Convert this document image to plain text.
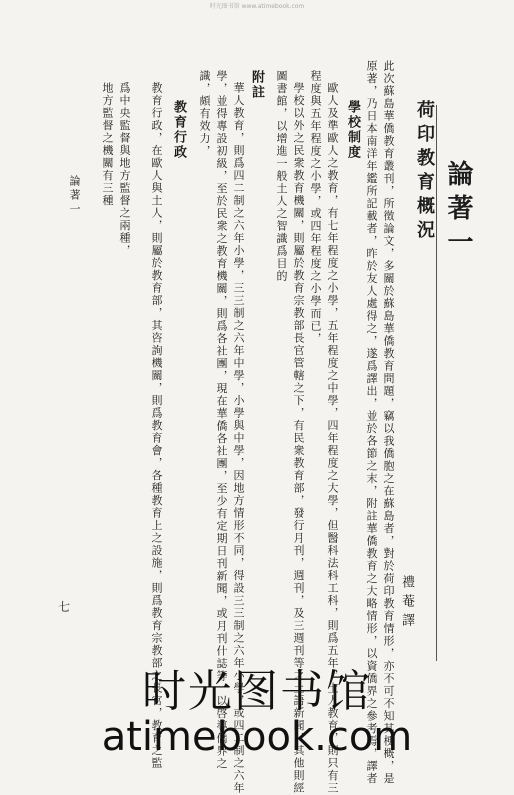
时光图书馆 www.atimebook.com
論著一
荷印教育概況
禮菴譯
此次蘇島華僑教育叢刊，所徵論文，多關於蘇島華僑教育問題，竊以我僑胞之在蘇島者，對於荷印教育情形，亦不可不知其梗概，是
原著，乃日本南洋年鑑所記載者，昨於友人處得之，遂爲譯出，並於各節之末，附註華僑教育之大略情形，以資僑界之參考焉，譯者
學校制度
歐人及準歐人之教育，有七年程度之小學，五年程度之中學，四年程度之大學，但醫科法科工科，則爲五年，土人教育，則只有三
程度與五年程度之小學，或四年程度之小學而已，
學校以外之民衆教育機關，則屬於教育宗教部長官管轄之下，有民衆教育部，發行月刊，週刊，及三週刊等之土語新聞，其他則經
圖書館，以增進一般土人之智識爲目的
附註
華人教育，則爲四二制之六年小學，三三制之六年中學，小學與中學，因地方情形不同，得設三三制之六年小學，或四二制之六年
學，並得專設初級，至於民衆之教育機關，則爲各社團，現在華僑各社團，至少有定期日刊新聞，或月刊什誌等，以啓導僑界之
識，頗有效力，
教育行政
教育行政，在歐人與土人，則屬於教育部，其咨詢機關，則爲教育會，各種教育上之設施，則爲教育宗教部之長官，教育之監
爲中央監督與地方監督之兩種，
地方監督之機關有三種
論著一
七
时光图书馆
atimebook.com
